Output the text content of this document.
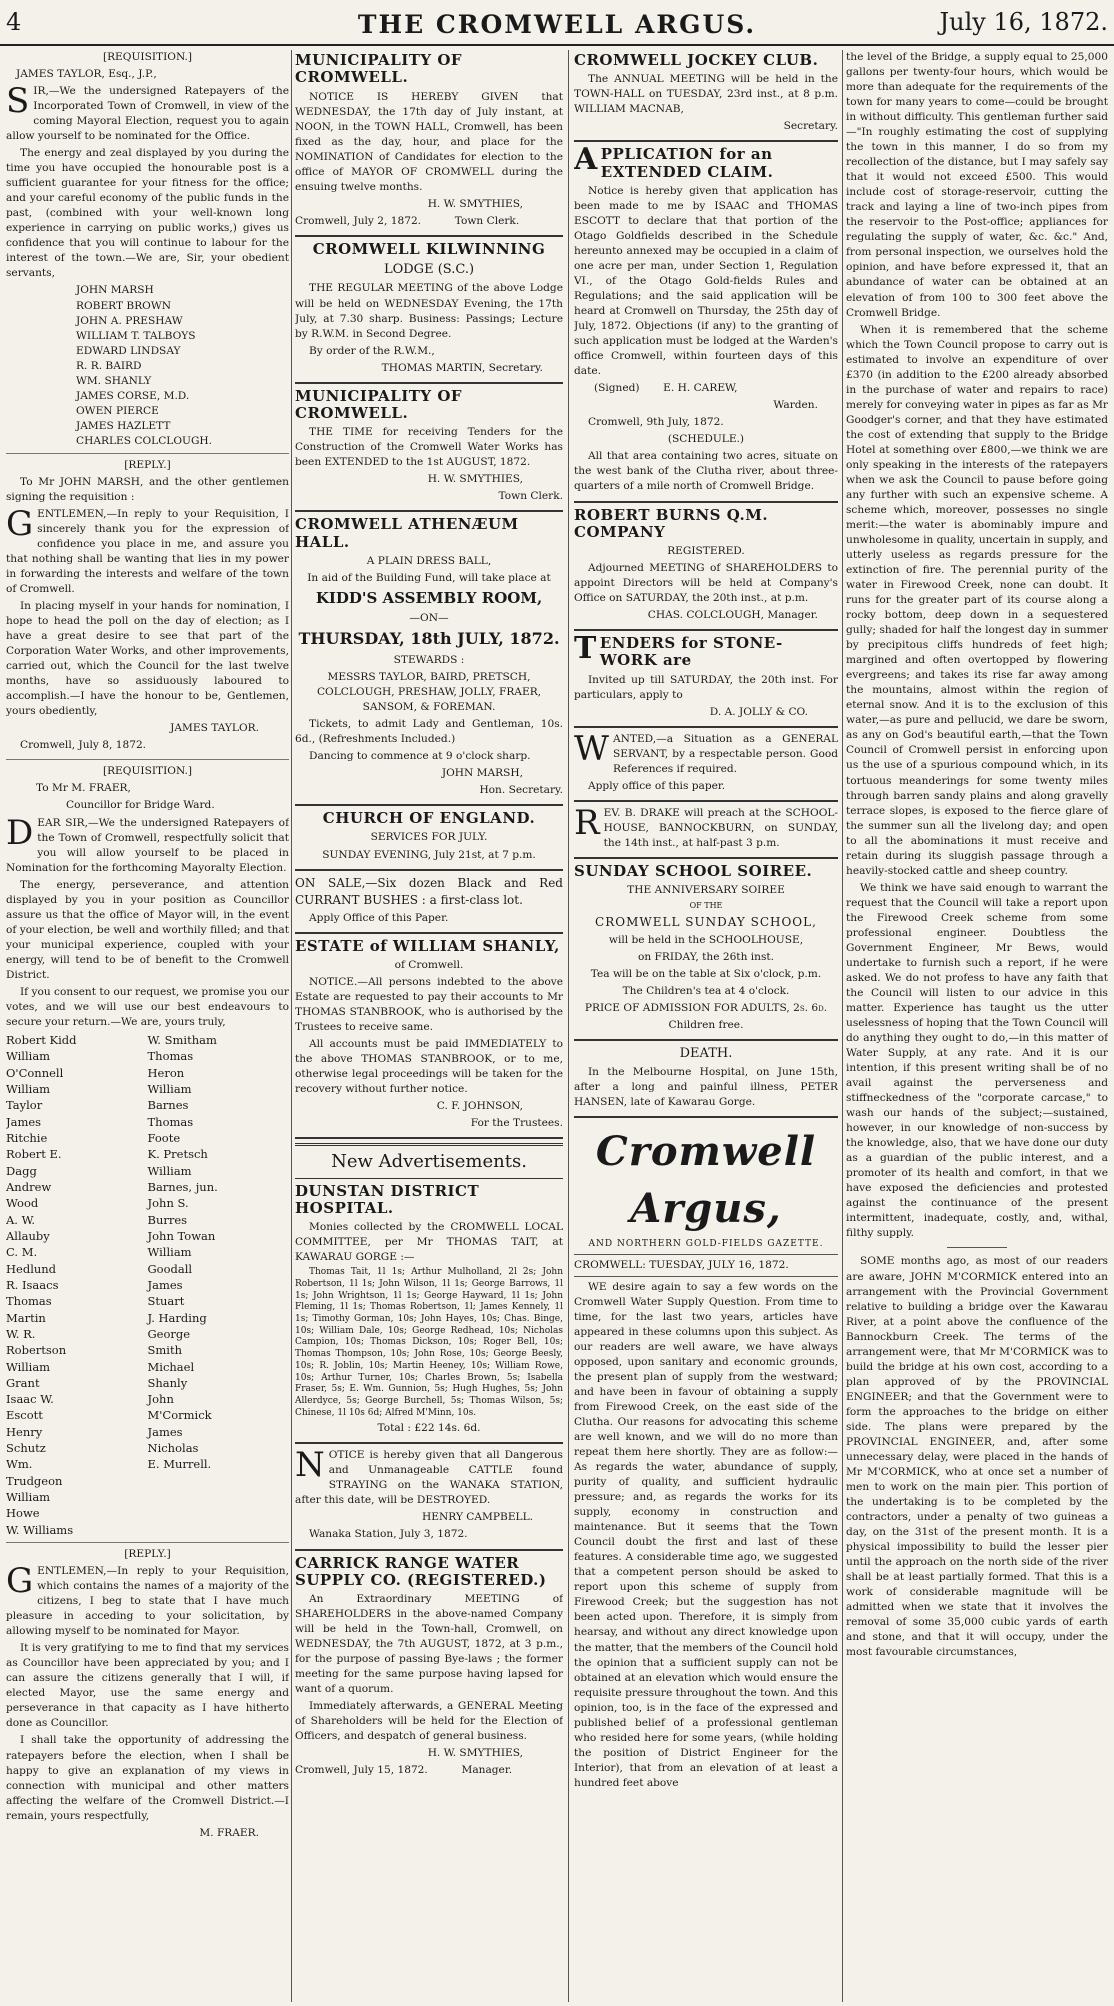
4	THE CROMWELL ARGUS.	July 16, 1872.

[REQUISITION.]

JAMES TAYLOR, Esq., J.P.,

SIR,—We the undersigned Ratepayers of the Incorporated Town of Cromwell, in view of the coming Mayoral Election, request you to again allow yourself to be nominated for the Office.

The energy and zeal displayed by you during the time you have occupied the honourable post is a sufficient guarantee for your fitness for the office; and your careful economy of the public funds in the past, (combined with your well-known long experience in carrying on public works,) gives us confidence that you will continue to labour for the interest of the town.—We are, Sir, your obedient servants,

JOHN MARSH
ROBERT BROWN
JOHN A. PRESHAW
WILLIAM T. TALBOYS
EDWARD LINDSAY
R. R. BAIRD
WM. SHANLY
JAMES CORSE, M.D.
OWEN PIERCE
JAMES HAZLETT
CHARLES COLCLOUGH.

[REPLY.]

To Mr JOHN MARSH, and the other gentlemen signing the requisition :

GENTLEMEN,—In reply to your Requisition, I sincerely thank you for the expression of confidence you place in me, and assure you that nothing shall be wanting that lies in my power in forwarding the interests and welfare of the town of Cromwell.

In placing myself in your hands for nomination, I hope to head the poll on the day of election; as I have a great desire to see that part of the Corporation Water Works, and other improvements, carried out, which the Council for the last twelve months, have so assiduously laboured to accomplish.—I have the honour to be, Gentlemen, yours obediently,

JAMES TAYLOR.

Cromwell, July 8, 1872.

[REQUISITION.]

To Mr M. FRAER,

Councillor for Bridge Ward.

DEAR SIR,—We the undersigned Ratepayers of the Town of Cromwell, respectfully solicit that you will allow yourself to be placed in Nomination for the forthcoming Mayoralty Election.

The energy, perseverance, and attention displayed by you in your position as Councillor assure us that the office of Mayor will, in the event of your election, be well and worthily filled; and that your municipal experience, coupled with your energy, will tend to be of benefit to the Cromwell District.

If you consent to our request, we promise you our votes, and we will use our best endeavours to secure your return.—We are, yours truly,

Robert Kidd
William O'Connell
William Taylor
James Ritchie
Robert E. Dagg
Andrew Wood
A. W. Allauby
C. M. Hedlund
R. Isaacs
Thomas Martin
W. R. Robertson
William Grant
Isaac W. Escott
Henry Schutz
Wm. Trudgeon
William Howe
W. Williams
W. Smitham
Thomas Heron
William Barnes
Thomas Foote
K. Pretsch
William Barnes, jun.
John S. Burres
John Towan
William Goodall
James Stuart
J. Harding
George Smith
Michael Shanly
John M'Cormick
James Nicholas
E. Murrell.

[REPLY.]

GENTLEMEN,—In reply to your Requisition, which contains the names of a majority of the citizens, I beg to state that I have much pleasure in acceding to your solicitation, by allowing myself to be nominated for Mayor.

It is very gratifying to me to find that my services as Councillor have been appreciated by you; and I can assure the citizens generally that I will, if elected Mayor, use the same energy and perseverance in that capacity as I have hitherto done as Councillor.

I shall take the opportunity of addressing the ratepayers before the election, when I shall be happy to give an explanation of my views in connection with municipal and other matters affecting the welfare of the Cromwell District.—I remain, yours respectfully,

M. FRAER.

MUNICIPALITY OF CROMWELL.

NOTICE IS HEREBY GIVEN that WEDNESDAY, the 17th day of July instant, at NOON, in the TOWN HALL, Cromwell, has been fixed as the day, hour, and place for the NOMINATION of Candidates for election to the office of MAYOR OF CROMWELL during the ensuing twelve months.

H. W. SMYTHIES,

Cromwell, July 2, 1872.          Town Clerk.

CROMWELL KILWINNING

LODGE (S.C.)

THE REGULAR MEETING of the above Lodge will be held on WEDNESDAY Evening, the 17th July, at 7.30 sharp. Business: Passings; Lecture by R.W.M. in Second Degree.

By order of the R.W.M.,

THOMAS MARTIN, Secretary.

MUNICIPALITY OF CROMWELL.

THE TIME for receiving Tenders for the Construction of the Cromwell Water Works has been EXTENDED to the 1st AUGUST, 1872.

H. W. SMYTHIES,

Town Clerk.

CROMWELL ATHENÆUM HALL.

A PLAIN DRESS BALL,

In aid of the Building Fund, will take place at

KIDD'S ASSEMBLY ROOM,

—ON—

THURSDAY, 18th JULY, 1872.

STEWARDS :

MESSRS TAYLOR, BAIRD, PRETSCH, COLCLOUGH, PRESHAW, JOLLY, FRAER, SANSOM, & FOREMAN.

Tickets, to admit Lady and Gentleman, 10s. 6d., (Refreshments Included.)

Dancing to commence at 9 o'clock sharp.

JOHN MARSH,

Hon. Secretary.

CHURCH OF ENGLAND.

SERVICES FOR JULY.

SUNDAY EVENING, July 21st, at 7 p.m.

ON SALE,—Six dozen Black and Red CURRANT BUSHES : a first-class lot.

Apply Office of this Paper.

ESTATE of WILLIAM SHANLY,

of Cromwell.

NOTICE.—All persons indebted to the above Estate are requested to pay their accounts to Mr THOMAS STANBROOK, who is authorised by the Trustees to receive same.

All accounts must be paid IMMEDIATELY to the above THOMAS STANBROOK, or to me, otherwise legal proceedings will be taken for the recovery without further notice.

C. F. JOHNSON,

For the Trustees.

New Advertisements.
DUNSTAN DISTRICT HOSPITAL.

Monies collected by the CROMWELL LOCAL COMMITTEE, per Mr THOMAS TAIT, at KAWARAU GORGE :—

Thomas Tait, 1l 1s; Arthur Mulholland, 2l 2s; John Robertson, 1l 1s; John Wilson, 1l 1s; George Barrows, 1l 1s; John Wrightson, 1l 1s; George Hayward, 1l 1s; John Fleming, 1l 1s; Thomas Robertson, 1l; James Kennely, 1l 1s; Timothy Gorman, 10s; John Hayes, 10s; Chas. Binge, 10s; William Dale, 10s; George Redhead, 10s; Nicholas Campion, 10s; Thomas Dickson, 10s; Roger Bell, 10s; Thomas Thompson, 10s; John Rose, 10s; George Beesly, 10s; R. Joblin, 10s; Martin Heeney, 10s; William Rowe, 10s; Arthur Turner, 10s; Charles Brown, 5s; Isabella Fraser, 5s; E. Wm. Gunnion, 5s; Hugh Hughes, 5s; John Allerdyce, 5s; George Burchell, 5s; Thomas Wilson, 5s; Chinese, 1l 10s 6d; Alfred M'Minn, 10s.

Total : £22 14s. 6d.

NOTICE is hereby given that all Dangerous and Unmanageable CATTLE found STRAYING on the WANAKA STATION, after this date, will be DESTROYED.

HENRY CAMPBELL.

Wanaka Station, July 3, 1872.

CARRICK RANGE WATER SUPPLY CO. (REGISTERED.)

An Extraordinary MEETING of SHAREHOLDERS in the above-named Company will be held in the Town-hall, Cromwell, on WEDNESDAY, the 7th AUGUST, 1872, at 3 p.m., for the purpose of passing Bye-laws ; the former meeting for the same purpose having lapsed for want of a quorum.

Immediately afterwards, a GENERAL Meeting of Shareholders will be held for the Election of Officers, and despatch of general business.

H. W. SMYTHIES,

Cromwell, July 15, 1872.          Manager.

CROMWELL JOCKEY CLUB.

The ANNUAL MEETING will be held in the TOWN-HALL on TUESDAY, 23rd inst., at 8 p.m.          WILLIAM MACNAB,

Secretary.

APPLICATION for an EXTENDED CLAIM.

Notice is hereby given that application has been made to me by ISAAC and THOMAS ESCOTT to declare that that portion of the Otago Goldfields described in the Schedule hereunto annexed may be occupied in a claim of one acre per man, under Section 1, Regulation VI., of the Otago Gold-fields Rules and Regulations; and the said application will be heard at Cromwell on Thursday, the 25th day of July, 1872. Objections (if any) to the granting of such application must be lodged at the Warden's office Cromwell, within fourteen days of this date.

(Signed)       E. H. CAREW,

Warden.

Cromwell, 9th July, 1872.

(SCHEDULE.)

All that area containing two acres, situate on the west bank of the Clutha river, about three-quarters of a mile north of Cromwell Bridge.

ROBERT BURNS Q.M. COMPANY

REGISTERED.

Adjourned MEETING of SHAREHOLDERS to appoint Directors will be held at Company's Office on SATURDAY, the 20th inst., at p.m.

CHAS. COLCLOUGH, Manager.

TENDERS for STONE-WORK are

Invited up till SATURDAY, the 20th inst. For particulars, apply to

D. A. JOLLY & CO.

WANTED,—a Situation as a GENERAL SERVANT, by a respectable person. Good References if required.

Apply office of this paper.

REV. B. DRAKE will preach at the SCHOOL-HOUSE, BANNOCKBURN, on SUNDAY, the 14th inst., at half-past 3 p.m.

SUNDAY SCHOOL SOIREE.

THE ANNIVERSARY SOIREE

OF THE

CROMWELL SUNDAY SCHOOL,

will be held in the SCHOOLHOUSE,

on FRIDAY, the 26th inst.

Tea will be on the table at Six o'clock, p.m.

The Children's tea at 4 o'clock.

PRICE OF ADMISSION FOR ADULTS, 2s. 6d.

Children free.

DEATH.

In the Melbourne Hospital, on June 15th, after a long and painful illness, PETER HANSEN, late of Kawarau Gorge.

Cromwell Argus,
AND NORTHERN GOLD-FIELDS GAZETTE.

CROMWELL: TUESDAY, JULY 16, 1872.

WE desire again to say a few words on the Cromwell Water Supply Question. From time to time, for the last two years, articles have appeared in these columns upon this subject. As our readers are well aware, we have always opposed, upon sanitary and economic grounds, the present plan of supply from the westward; and have been in favour of obtaining a supply from Firewood Creek, on the east side of the Clutha. Our reasons for advocating this scheme are well known, and we will do no more than repeat them here shortly. They are as follow:—As regards the water, abundance of supply, purity of quality, and sufficient hydraulic pressure; and, as regards the works for its supply, economy in construction and maintenance. But it seems that the Town Council doubt the first and last of these features. A considerable time ago, we suggested that a competent person should be asked to report upon this scheme of supply from Firewood Creek; but the suggestion has not been acted upon. Therefore, it is simply from hearsay, and without any direct knowledge upon the matter, that the members of the Council hold the opinion that a sufficient supply can not be obtained at an elevation which would ensure the requisite pressure throughout the town. And this opinion, too, is in the face of the expressed and published belief of a professional gentleman who resided here for some years, (while holding the position of District Engineer for the Interior), that from an elevation of at least a hundred feet above

the level of the Bridge, a supply equal to 25,000 gallons per twenty-four hours, which would be more than adequate for the requirements of the town for many years to come—could be brought in without difficulty. This gentleman further said —"In roughly estimating the cost of supplying the town in this manner, I do so from my recollection of the distance, but I may safely say that it would not exceed £500. This would include cost of storage-reservoir, cutting the track and laying a line of two-inch pipes from the reservoir to the Post-office; appliances for regulating the supply of water, &c. &c." And, from personal inspection, we ourselves hold the opinion, and have before expressed it, that an abundance of water can be obtained at an elevation of from 100 to 300 feet above the Cromwell Bridge.

When it is remembered that the scheme which the Town Council propose to carry out is estimated to involve an expenditure of over £370 (in addition to the £200 already absorbed in the purchase of water and repairs to race) merely for conveying water in pipes as far as Mr Goodger's corner, and that they have estimated the cost of extending that supply to the Bridge Hotel at something over £800,—we think we are only speaking in the interests of the ratepayers when we ask the Council to pause before going any further with such an expensive scheme. A scheme which, moreover, possesses no single merit:—the water is abominably impure and unwholesome in quality, uncertain in supply, and utterly useless as regards pressure for the extinction of fire. The perennial purity of the water in Firewood Creek, none can doubt. It runs for the greater part of its course along a rocky bottom, deep down in a sequestered gully; shaded for half the longest day in summer by precipitous cliffs hundreds of feet high; margined and often overtopped by flowering evergreens; and takes its rise far away among the mountains, almost within the region of eternal snow. And it is to the exclusion of this water,—as pure and pellucid, we dare be sworn, as any on God's beautiful earth,—that the Town Council of Cromwell persist in enforcing upon us the use of a spurious compound which, in its tortuous meanderings for some twenty miles through barren sandy plains and along gravelly terrace slopes, is exposed to the fierce glare of the summer sun all the livelong day; and open to all the abominations it must receive and retain during its sluggish passage through a heavily-stocked cattle and sheep country.

We think we have said enough to warrant the request that the Council will take a report upon the Firewood Creek scheme from some professional engineer. Doubtless the Government Engineer, Mr Bews, would undertake to furnish such a report, if he were asked. We do not profess to have any faith that the Council will listen to our advice in this matter. Experience has taught us the utter uselessness of hoping that the Town Council will do anything they ought to do,—in this matter of Water Supply, at any rate. And it is our intention, if this present writing shall be of no avail against the perverseness and stiffneckedness of the "corporate carcase," to wash our hands of the subject;—sustained, however, in our knowledge of non-success by the knowledge, also, that we have done our duty as a guardian of the public interest, and a promoter of its health and comfort, in that we have exposed the deficiencies and protested against the continuance of the present intermittent, inadequate, costly, and, withal, filthy supply.

SOME months ago, as most of our readers are aware, JOHN M'CORMICK entered into an arrangement with the Provincial Government relative to building a bridge over the Kawarau River, at a point above the confluence of the Bannockburn Creek. The terms of the arrangement were, that Mr M'CORMICK was to build the bridge at his own cost, according to a plan approved of by the PROVINCIAL ENGINEER; and that the Government were to form the approaches to the bridge on either side. The plans were prepared by the PROVINCIAL ENGINEER, and, after some unnecessary delay, were placed in the hands of Mr M'CORMICK, who at once set a number of men to work on the main pier. This portion of the undertaking is to be completed by the contractors, under a penalty of two guineas a day, on the 31st of the present month. It is a physical impossibility to build the lesser pier until the approach on the north side of the river shall be at least partially formed. That this is a work of considerable magnitude will be admitted when we state that it involves the removal of some 35,000 cubic yards of earth and stone, and that it will occupy, under the most favourable circumstances,
